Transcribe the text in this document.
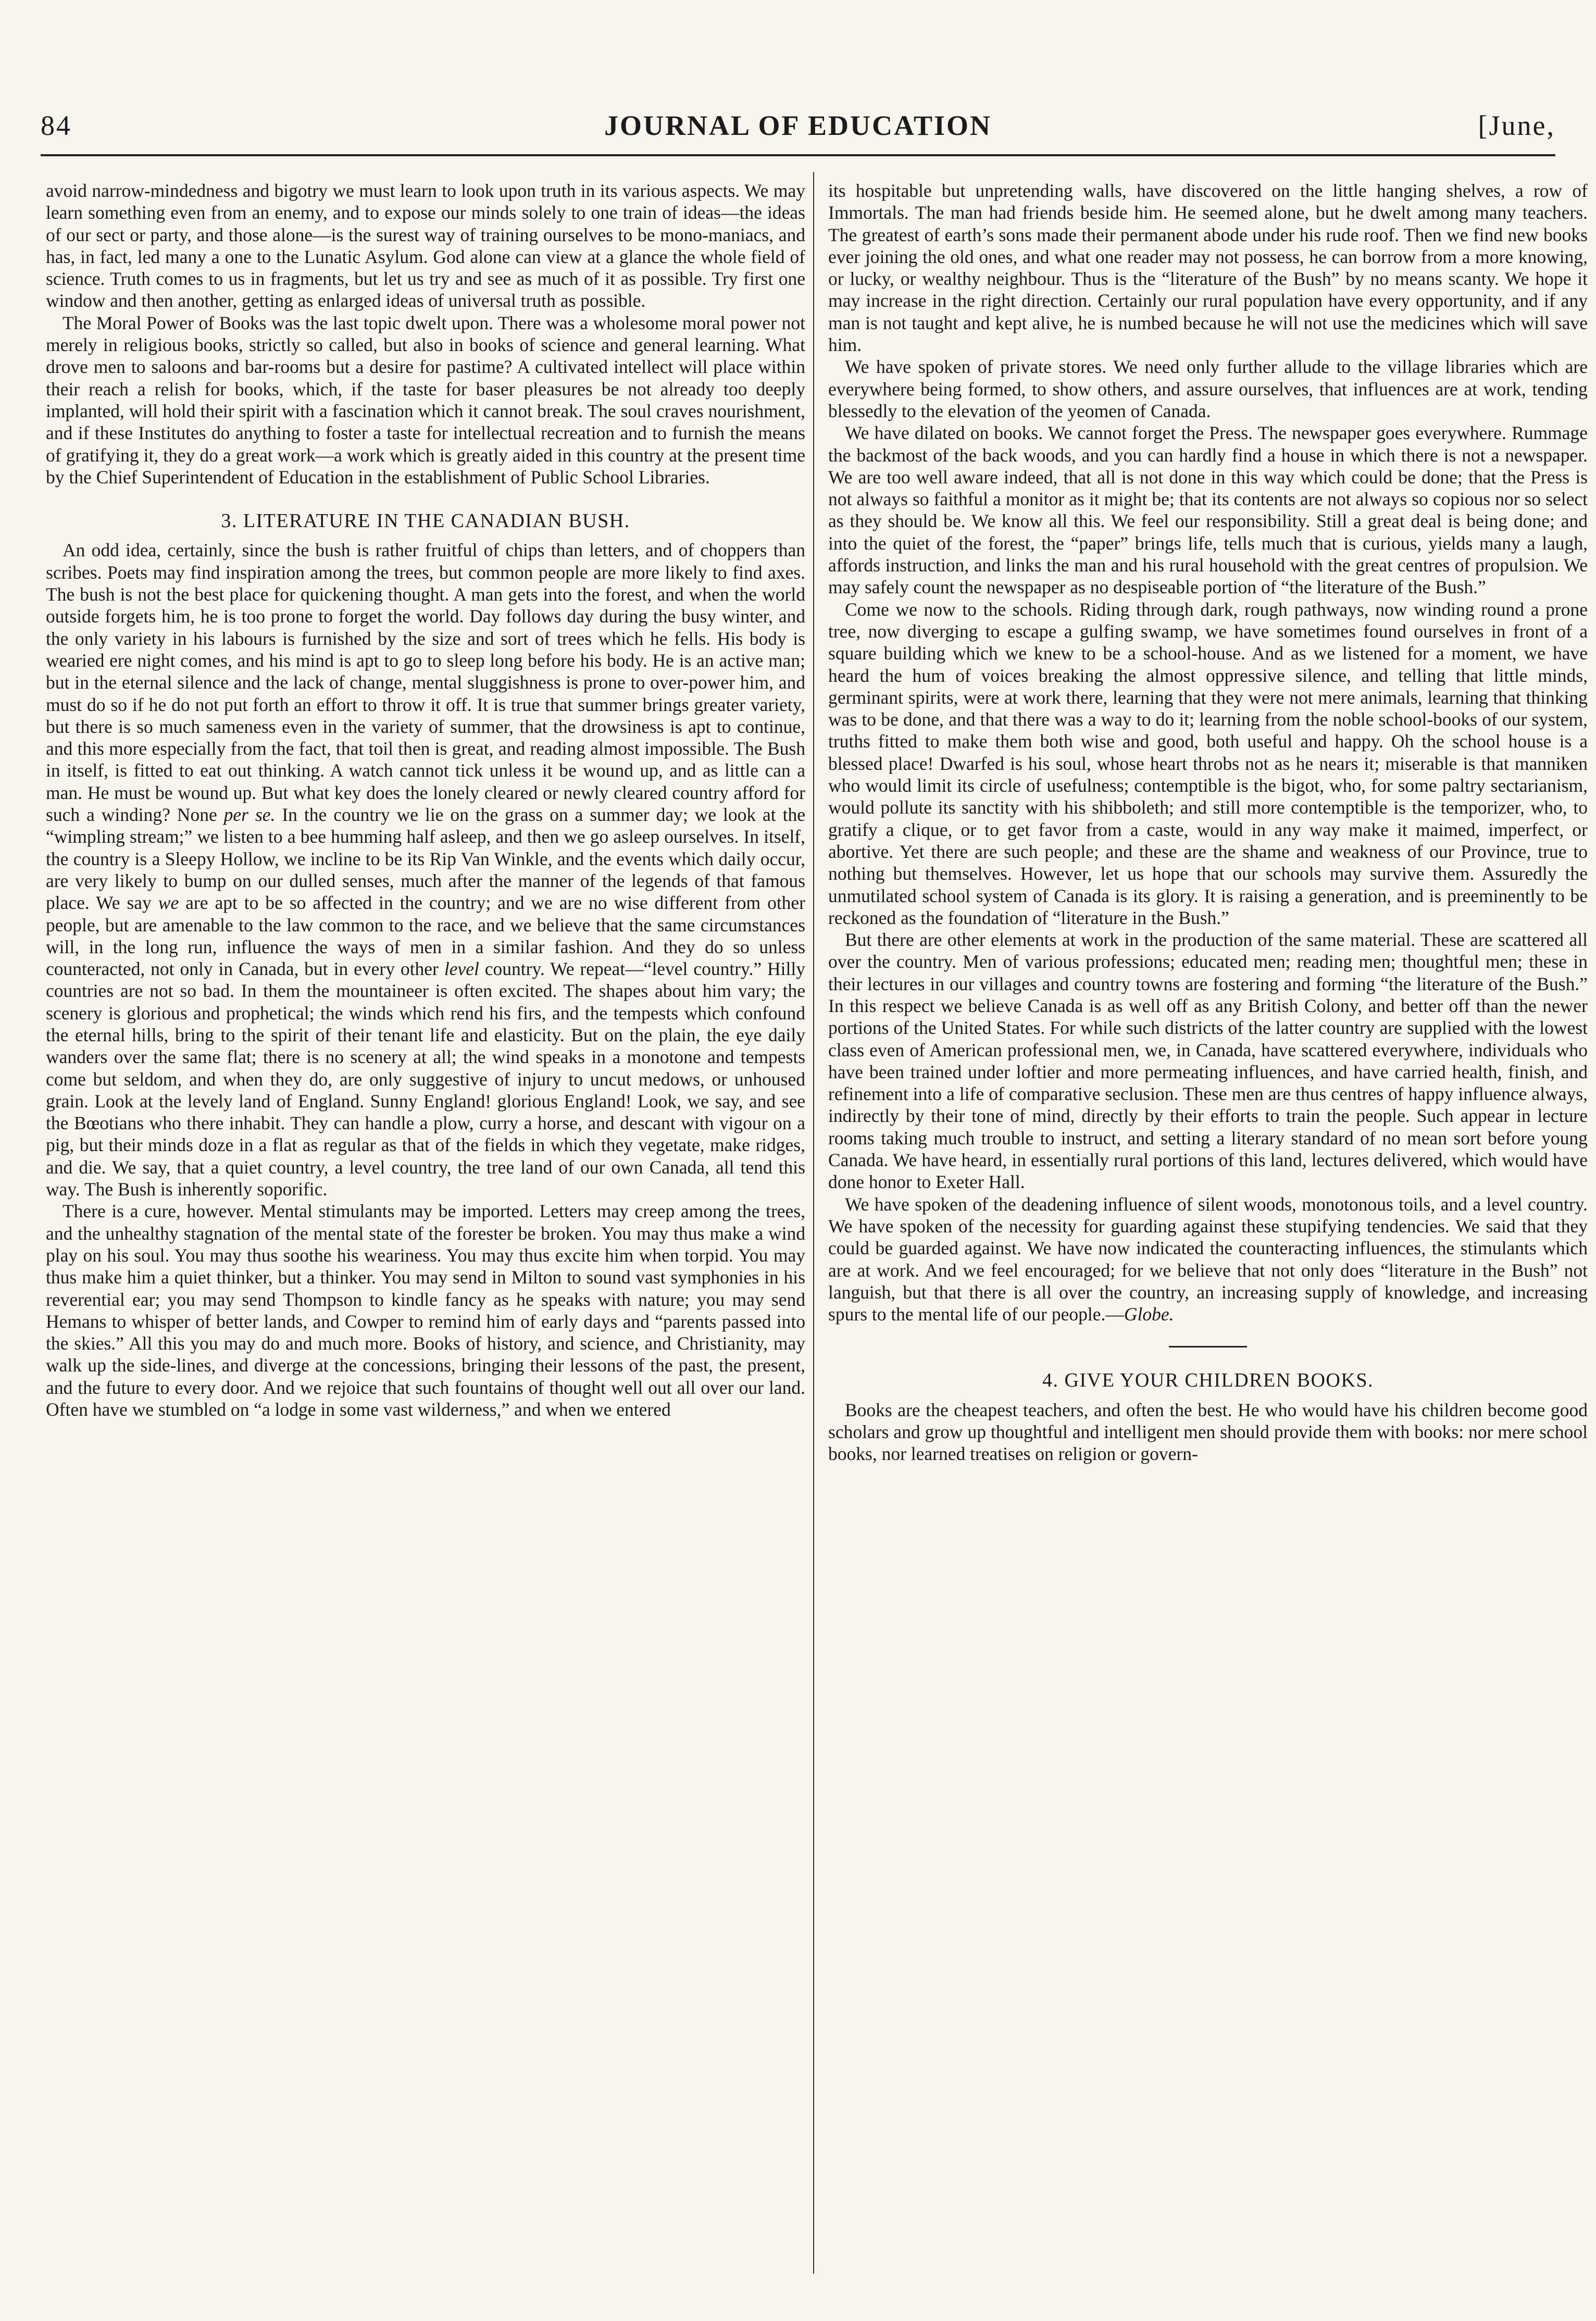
JOURNAL OF EDUCATION
84	[June,

avoid narrow-mindedness and bigotry we must learn to look upon truth in its various aspects. We may learn something even from an enemy, and to expose our minds solely to one train of ideas—the ideas of our sect or party, and those alone—is the surest way of training ourselves to be mono-maniacs, and has, in fact, led many a one to the Lunatic Asylum. God alone can view at a glance the whole field of science. Truth comes to us in fragments, but let us try and see as much of it as possible. Try first one window and then another, getting as enlarged ideas of universal truth as possible.

The Moral Power of Books was the last topic dwelt upon. There was a wholesome moral power not merely in religious books, strictly so called, but also in books of science and general learning. What drove men to saloons and bar-rooms but a desire for pastime? A cultivated intellect will place within their reach a relish for books, which, if the taste for baser pleasures be not already too deeply implanted, will hold their spirit with a fascination which it cannot break. The soul craves nourishment, and if these Institutes do anything to foster a taste for intellectual recreation and to furnish the means of gratifying it, they do a great work—a work which is greatly aided in this country at the present time by the Chief Superintendent of Education in the establishment of Public School Libraries.

3. LITERATURE IN THE CANADIAN BUSH.

An odd idea, certainly, since the bush is rather fruitful of chips than letters, and of choppers than scribes. Poets may find inspiration among the trees, but common people are more likely to find axes. The bush is not the best place for quickening thought. A man gets into the forest, and when the world outside forgets him, he is too prone to forget the world. Day follows day during the busy winter, and the only variety in his labours is furnished by the size and sort of trees which he fells. His body is wearied ere night comes, and his mind is apt to go to sleep long before his body. He is an active man; but in the eternal silence and the lack of change, mental sluggishness is prone to over-power him, and must do so if he do not put forth an effort to throw it off. It is true that summer brings greater variety, but there is so much sameness even in the variety of summer, that the drowsiness is apt to continue, and this more especially from the fact, that toil then is great, and reading almost impossible. The Bush in itself, is fitted to eat out thinking. A watch cannot tick unless it be wound up, and as little can a man. He must be wound up. But what key does the lonely cleared or newly cleared country afford for such a winding? None per se. In the country we lie on the grass on a summer day; we look at the “wimpling stream;” we listen to a bee humming half asleep, and then we go asleep ourselves. In itself, the country is a Sleepy Hollow, we incline to be its Rip Van Winkle, and the events which daily occur, are very likely to bump on our dulled senses, much after the manner of the legends of that famous place. We say we are apt to be so affected in the country; and we are no wise different from other people, but are amenable to the law common to the race, and we believe that the same circumstances will, in the long run, influence the ways of men in a similar fashion. And they do so unless counteracted, not only in Canada, but in every other level country. We repeat—“level country.” Hilly countries are not so bad. In them the mountaineer is often excited. The shapes about him vary; the scenery is glorious and prophetical; the winds which rend his firs, and the tempests which confound the eternal hills, bring to the spirit of their tenant life and elasticity. But on the plain, the eye daily wanders over the same flat; there is no scenery at all; the wind speaks in a monotone and tempests come but seldom, and when they do, are only suggestive of injury to uncut medows, or unhoused grain. Look at the levely land of England. Sunny England! glorious England! Look, we say, and see the Bœotians who there inhabit. They can handle a plow, curry a horse, and descant with vigour on a pig, but their minds doze in a flat as regular as that of the fields in which they vegetate, make ridges, and die. We say, that a quiet country, a level country, the tree land of our own Canada, all tend this way. The Bush is inherently soporific.

There is a cure, however. Mental stimulants may be imported. Letters may creep among the trees, and the unhealthy stagnation of the mental state of the forester be broken. You may thus make a wind play on his soul. You may thus soothe his weariness. You may thus excite him when torpid. You may thus make him a quiet thinker, but a thinker. You may send in Milton to sound vast symphonies in his reverential ear; you may send Thompson to kindle fancy as he speaks with nature; you may send Hemans to whisper of better lands, and Cowper to remind him of early days and “parents passed into the skies.” All this you may do and much more. Books of history, and science, and Christianity, may walk up the side-lines, and diverge at the concessions, bringing their lessons of the past, the present, and the future to every door. And we rejoice that such fountains of thought well out all over our land. Often have we stumbled on “a lodge in some vast wilderness,” and when we entered

its hospitable but unpretending walls, have discovered on the little hanging shelves, a row of Immortals. The man had friends beside him. He seemed alone, but he dwelt among many teachers. The greatest of earth’s sons made their permanent abode under his rude roof. Then we find new books ever joining the old ones, and what one reader may not possess, he can borrow from a more knowing, or lucky, or wealthy neighbour. Thus is the “literature of the Bush” by no means scanty. We hope it may increase in the right direction. Certainly our rural population have every opportunity, and if any man is not taught and kept alive, he is numbed because he will not use the medicines which will save him.

We have spoken of private stores. We need only further allude to the village libraries which are everywhere being formed, to show others, and assure ourselves, that influences are at work, tending blessedly to the elevation of the yeomen of Canada.

We have dilated on books. We cannot forget the Press. The newspaper goes everywhere. Rummage the backmost of the back woods, and you can hardly find a house in which there is not a newspaper. We are too well aware indeed, that all is not done in this way which could be done; that the Press is not always so faithful a monitor as it might be; that its contents are not always so copious nor so select as they should be. We know all this. We feel our responsibility. Still a great deal is being done; and into the quiet of the forest, the “paper” brings life, tells much that is curious, yields many a laugh, affords instruction, and links the man and his rural household with the great centres of propulsion. We may safely count the newspaper as no despiseable portion of “the literature of the Bush.”

Come we now to the schools. Riding through dark, rough pathways, now winding round a prone tree, now diverging to escape a gulfing swamp, we have sometimes found ourselves in front of a square building which we knew to be a school-house. And as we listened for a moment, we have heard the hum of voices breaking the almost oppressive silence, and telling that little minds, germinant spirits, were at work there, learning that they were not mere animals, learning that thinking was to be done, and that there was a way to do it; learning from the noble school-books of our system, truths fitted to make them both wise and good, both useful and happy. Oh the school house is a blessed place! Dwarfed is his soul, whose heart throbs not as he nears it; miserable is that manniken who would limit its circle of usefulness; contemptible is the bigot, who, for some paltry sectarianism, would pollute its sanctity with his shibboleth; and still more contemptible is the temporizer, who, to gratify a clique, or to get favor from a caste, would in any way make it maimed, imperfect, or abortive. Yet there are such people; and these are the shame and weakness of our Province, true to nothing but themselves. However, let us hope that our schools may survive them. Assuredly the unmutilated school system of Canada is its glory. It is raising a generation, and is preeminently to be reckoned as the foundation of “literature in the Bush.”

But there are other elements at work in the production of the same material. These are scattered all over the country. Men of various professions; educated men; reading men; thoughtful men; these in their lectures in our villages and country towns are fostering and forming “the literature of the Bush.” In this respect we believe Canada is as well off as any British Colony, and better off than the newer portions of the United States. For while such districts of the latter country are supplied with the lowest class even of American professional men, we, in Canada, have scattered everywhere, individuals who have been trained under loftier and more permeating influences, and have carried health, finish, and refinement into a life of comparative seclusion. These men are thus centres of happy influence always, indirectly by their tone of mind, directly by their efforts to train the people. Such appear in lecture rooms taking much trouble to instruct, and setting a literary standard of no mean sort before young Canada. We have heard, in essentially rural portions of this land, lectures delivered, which would have done honor to Exeter Hall.

We have spoken of the deadening influence of silent woods, monotonous toils, and a level country. We have spoken of the necessity for guarding against these stupifying tendencies. We said that they could be guarded against. We have now indicated the counteracting influences, the stimulants which are at work. And we feel encouraged; for we believe that not only does “literature in the Bush” not languish, but that there is all over the country, an increasing supply of knowledge, and increasing spurs to the mental life of our people.—Globe.

4. GIVE YOUR CHILDREN BOOKS.

Books are the cheapest teachers, and often the best. He who would have his children become good scholars and grow up thoughtful and intelligent men should provide them with books: nor mere school books, nor learned treatises on religion or govern-
